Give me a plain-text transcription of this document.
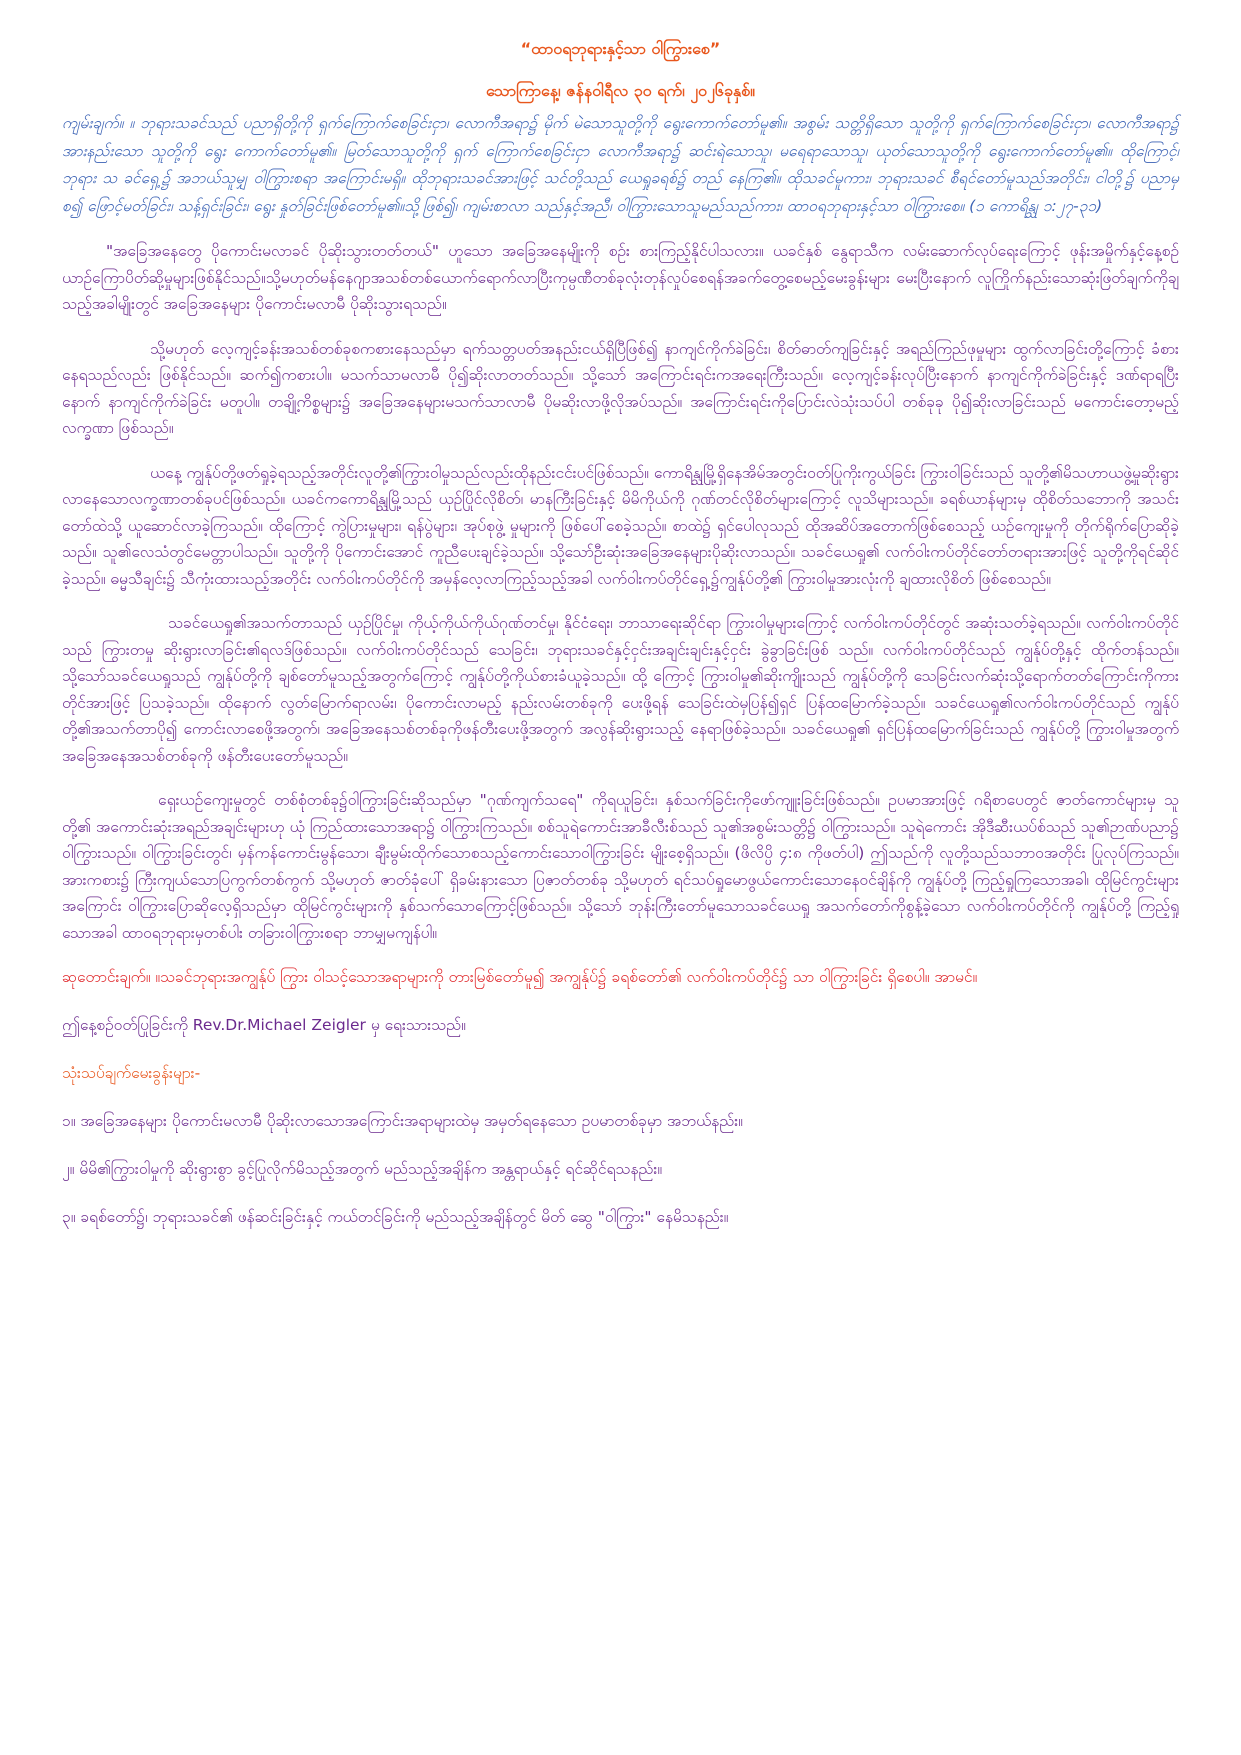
“ထာဝရဘုရားနှင့်သာ ဝါကြွားစေ”

သောကြာနေ့၊ ဇန်နဝါရီလ ၃၀ ရက်၊ ၂၀၂၆ခုနှစ်။

ကျမ်းချက်။ ။ ဘုရားသခင်သည် ပညာရှိတို့ကို ရှက်ကြောက်စေခြင်းငှာ၊ လောကီအရာ၌ မိုက် မဲသောသူတို့ကို ရွေးကောက်တော်မူ၏။ အစွမ်း သတ္တိရှိသော သူတို့ကို ရှက်ကြောက်စေခြင်းငှာ၊ လောကီအရာ၌ အားနည်းသော သူတို့ကို ရွေး ကောက်တော်မူ၏။ မြတ်သောသူတို့ကို ရှက် ကြောက်စေခြင်းငှာ လောကီအရာ၌ ဆင်းရဲသောသူ၊ မရေရာသောသူ၊ ယုတ်သောသူတို့ကို ရွေးကောက်တော်မူ၏။ ထိုကြောင့်၊ ဘုရား သ ခင်ရှေ့၌ အဘယ်သူမျှ ဝါကြွားစရာ အကြောင်းမရှိ။ ထိုဘုရားသခင်အားဖြင့် သင်တို့သည် ယေရှုခရစ်၌ တည် နေကြ၏။ ထိုသခင်မူကား၊ ဘုရားသခင် စီရင်တော်မူသည်အတိုင်း၊ ငါတို့၌ ပညာမှစ၍ ဖြောင့်မတ်ခြင်း၊ သန့်ရှင်းခြင်း၊ ရွေး နှုတ်ခြင်းဖြစ်တော်မူ၏။သို့ဖြစ်၍၊ ကျမ်းစာလာ သည်နှင့်အညီ၊ ဝါကြွားသောသူမည်သည်ကား၊ ထာဝရဘုရားနှင့်သာ ဝါကြွားစေ။ (၁ ကောရိန္သု ၁:၂၇-၃၁)

"အခြေအနေတွေ ပိုကောင်းမလာခင် ပိုဆိုးသွားတတ်တယ်" ဟူသော အခြေအနေမျိုးကို စဉ်း စားကြည့်နိုင်ပါသလား။ ယခင်နှစ် နွေရာသီက လမ်းဆောက်လုပ်ရေးကြောင့် ဖုန်းအမှိုက်နှင့်နေ့စဉ်ယာဉ်ကြောပိတ်ဆို့မှုများဖြစ်နိုင်သည်။သို့မဟုတ်မန်နေဂျာအသစ်တစ်ယောက်ရောက်လာပြီးကုမ္ပဏီတစ်ခုလုံးတုန်လှုပ်စေရန်အခက်တွေ့စေမည့်မေးခွန်းများ မေးပြီးနောက် လူကြိုက်နည်းသောဆုံးဖြတ်ချက်ကိုချသည့်အခါမျိုးတွင် အခြေအနေများ ပိုကောင်းမလာမီ ပိုဆိုးသွားရသည်။

သို့မဟုတ် လေ့ကျင့်ခန်းအသစ်တစ်ခုစကစားနေသည်မှာ ရက်သတ္တပတ်အနည်းငယ်ရှိပြီဖြစ်၍ နာကျင်ကိုက်ခဲခြင်း၊ စိတ်ဓာတ်ကျခြင်းနှင့် အရည်ကြည်ဖုမှုများ ထွက်လာခြင်းတို့ကြောင့် ခံစားနေရသည်လည်း ဖြစ်နိုင်သည်။ ဆက်၍ကစားပါ။ မသက်သာမလာမီ ပို၍ဆိုးလာတတ်သည်။ သို့သော် အကြောင်းရင်းကအရေးကြီးသည်။ လေ့ကျင့်ခန်းလုပ်ပြီးနောက် နာကျင်ကိုက်ခဲခြင်းနှင့် ဒဏ်ရာရပြီးနောက် နာကျင်ကိုက်ခဲခြင်း မတူပါ။ တချို့ကိစ္စများ၌ အခြေအနေများမသက်သာလာမီ ပိုမဆိုးလာဖို့လိုအပ်သည်။ အကြောင်းရင်းကိုပြောင်းလဲသုံးသပ်ပါ တစ်ခုခု ပို၍ဆိုးလာခြင်းသည် မကောင်းတော့မည့်လက္ခဏာ ဖြစ်သည်။

ယနေ့ ကျွန်ုပ်တို့ဖတ်ရှုခဲ့ရသည့်အတိုင်းလူတို့၏ကြွားဝါမှုသည်လည်းထိုနည်းငင်းပင်ဖြစ်သည်။ ကောရိန္သုမြို့ရှိနေအိမ်အတွင်းဝတ်ပြုကိုးကွယ်ခြင်း ကြွားဝါခြင်းသည် သူတို့၏မိသဟာယဖွဲ့မှုဆိုးရွားလာနေသောလက္ခဏာတစ်ခုပင်ဖြစ်သည်။ ယခင်ကကောရိန္သုမြို့သည် ယှဉ်ပြိုင်လိုစိတ်၊ မာနကြီးခြင်းနှင့် မိမိကိုယ်ကို ဂုဏ်တင်လိုစိတ်များကြောင့် လူသိများသည်။ ခရစ်ယာန်များမှ ထိုစိတ်သဘောကို အသင်းတော်ထဲသို့ ယူဆောင်လာခဲ့ကြသည်။ ထိုကြောင့် ကွဲပြားမှုများ၊ ရန်ပွဲများ၊ အုပ်စုဖွဲ့ မှုများကို ဖြစ်ပေါ်စေခဲ့သည်။ စာထဲ၌ ရှင်ပေါလုသည် ထိုအဆိပ်အတောက်ဖြစ်စေသည့် ယဉ်ကျေးမှုကို တိုက်ရိုက်ပြောဆိုခဲ့သည်။ သူ၏လေသံတွင်မေတ္တာပါသည်။ သူတို့ကို ပိုကောင်းအောင် ကူညီပေးချင်ခဲ့သည်။ သို့သော်ဦးဆုံးအခြေအနေများပိုဆိုးလာသည်။ သခင်ယေရှု၏ လက်ဝါးကပ်တိုင်တော်တရားအားဖြင့် သူတို့ကိုရင်ဆိုင်ခဲ့သည်။ ဓမ္မသီချင်း၌ သီကုံးထားသည့်အတိုင်း လက်ဝါးကပ်တိုင်ကို အမှန်လေ့လာကြည့်သည့်အခါ လက်ဝါးကပ်တိုင်ရှေ့၌ကျွန်ုပ်တို့၏ ကြွားဝါမှုအားလုံးကို ချထားလိုစိတ် ဖြစ်စေသည်။

သခင်ယေရှု၏အသက်တာသည် ယှဉ်ပြိုင်မှု၊ ကိုယ့်ကိုယ်ကိုယ်ဂုဏ်တင်မှု၊ နိုင်ငံရေး၊ ဘာသာရေးဆိုင်ရာ ကြွားဝါမှုများကြောင့် လက်ဝါးကပ်တိုင်တွင် အဆုံးသတ်ခဲ့ရသည်။ လက်ဝါးကပ်တိုင်သည် ကြွားတမှု ဆိုးရွားလာခြင်း၏ရလဒ်ဖြစ်သည်။ လက်ဝါးကပ်တိုင်သည် သေခြင်း၊ ဘုရားသခင်နှင့်ငှင်းအချင်းချင်းနှင့်ငှင်း ခွဲခွာခြင်းဖြစ် သည်။ လက်ဝါးကပ်တိုင်သည် ကျွန်ုပ်တို့နှင့် ထိုက်တန်သည်။ သို့သော်သခင်ယေရှုသည် ကျွန်ုပ်တို့ကို ချစ်တော်မူသည့်အတွက်ကြောင့် ကျွန်ုပ်တို့ကိုယ်စားခံယူခဲ့သည်။ ထို့ ကြောင့် ကြွားဝါမှု၏ဆိုးကျိုးသည် ကျွန်ုပ်တို့ကို သေခြင်းလက်ဆုံးသို့ရောက်တတ်ကြောင်းကိုကားတိုင်အားဖြင့် ပြသခဲ့သည်။ ထိုနောက် လွတ်မြောက်ရာလမ်း၊ ပိုကောင်းလာမည့် နည်းလမ်းတစ်ခုကို ပေးဖို့ရန် သေခြင်းထဲမှပြန်၍ရှင် ပြန်ထမြောက်ခဲ့သည်။ သခင်ယေရှု၏လက်ဝါးကပ်တိုင်သည် ကျွန်ုပ်တို့၏အသက်တာပို၍ ကောင်းလာစေဖို့အတွက်၊ အခြေအနေသစ်တစ်ခုကိုဖန်တီးပေးဖို့အတွက် အလွန်ဆိုးရွားသည့် နေရာဖြစ်ခဲ့သည်။ သခင်ယေရှု၏ ရှင်ပြန်ထမြောက်ခြင်းသည် ကျွန်ုပ်တို့ ကြွားဝါမှုအတွက် အခြေအနေအသစ်တစ်ခုကို ဖန်တီးပေးတော်မူသည်။

ရှေးယဉ်ကျေးမှုတွင် တစ်စုံတစ်ခု၌ဝါကြွားခြင်းဆိုသည်မှာ "ဂုဏ်ကျက်သရေ" ကိုရယူခြင်း၊ နှစ်သက်ခြင်းကိုဖော်ကျူးခြင်းဖြစ်သည်။ ဥပမာအားဖြင့် ဂရိစာပေတွင် ဇာတ်ကောင်များမှ သူတို့၏ အကောင်းဆုံးအရည်အချင်းများဟု ယုံ ကြည်ထားသောအရာ၌ ဝါကြွားကြသည်။ စစ်သူရဲကောင်းအာခီလီးစ်သည် သူ၏အစွမ်းသတ္တိ၌ ဝါကြွားသည်။ သူရဲကောင်း အိုဒီဆီးယပ်စ်သည် သူ၏ဉာဏ်ပညာ၌ ဝါကြွားသည်။ ဝါကြွားခြင်းတွင်၊ မှန်ကန်ကောင်းမွန်သော၊ ချီးမွမ်းထိုက်သောစသည့်ကောင်းသောဝါကြွားခြင်း မျိုးစေ့ရှိသည်။ (ဖိလိပ္ပိ ၄:၈ ကိုဖတ်ပါ) ဤသည်ကို လူတို့သည်သဘာဝအတိုင်း ပြုလုပ်ကြသည်။ အားကစား၌ ကြီးကျယ်သောပြကွက်တစ်ကွက် သို့မဟုတ် ဇာတ်ခုံပေါ် ရှိခမ်းနားသော ပြဇာတ်တစ်ခု သို့မဟုတ် ရင်သပ်ရှုမောဖွယ်ကောင်းသောနေဝင်ချိန်ကို ကျွန်ုပ်တို့ ကြည့်ရှုကြသောအခါ၊ ထိုမြင်ကွင်းများအကြောင်း ဝါကြွားပြောဆိုလေ့ရှိသည်မှာ ထိုမြင်ကွင်းများကို နှစ်သက်သောကြောင့်ဖြစ်သည်။ သို့သော် ဘုန်းကြီးတော်မူသောသခင်ယေရှု အသက်တော်ကိုစွန့်ခဲ့သော လက်ဝါးကပ်တိုင်ကို ကျွန်ုပ်တို့ ကြည့်ရှုသောအခါ ထာဝရဘုရားမှတစ်ပါး တခြားဝါကြွားစရာ ဘာမျှမကျန်ပါ။

ဆုတောင်းချက်။ ။သခင်ဘုရားအကျွန်ုပ် ကြွား ဝါသင့်သောအရာများကို တားမြစ်တော်မူ၍ အကျွန်ုပ်၌ ခရစ်တော်၏ လက်ဝါးကပ်တိုင်၌ သာ ဝါကြွားခြင်း ရှိစေပါ။ အာမင်။

ဤနေ့စဉ်ဝတ်ပြုခြင်းကို Rev.Dr.Michael Zeigler မှ ရေးသားသည်။

သုံးသပ်ချက်မေးခွန်းများ-

၁။ အခြေအနေများ ပိုကောင်းမလာမီ ပိုဆိုးလာသောအကြောင်းအရာများထဲမှ အမှတ်ရနေသော ဥပမာတစ်ခုမှာ အဘယ်နည်း။

၂။ မိမိ၏ကြွားဝါမှုကို ဆိုးရွားစွာ ခွင့်ပြုလိုက်မိသည့်အတွက် မည်သည့်အချိန်က အန္တရာယ်နှင့် ရင်ဆိုင်ရသနည်း။

၃။ ခရစ်တော်၌၊ ဘုရားသခင်၏ ဖန်ဆင်းခြင်းနှင့် ကယ်တင်ခြင်းကို မည်သည့်အချိန်တွင် မိတ် ဆွေ "ဝါကြွား" နေမိသနည်း။
